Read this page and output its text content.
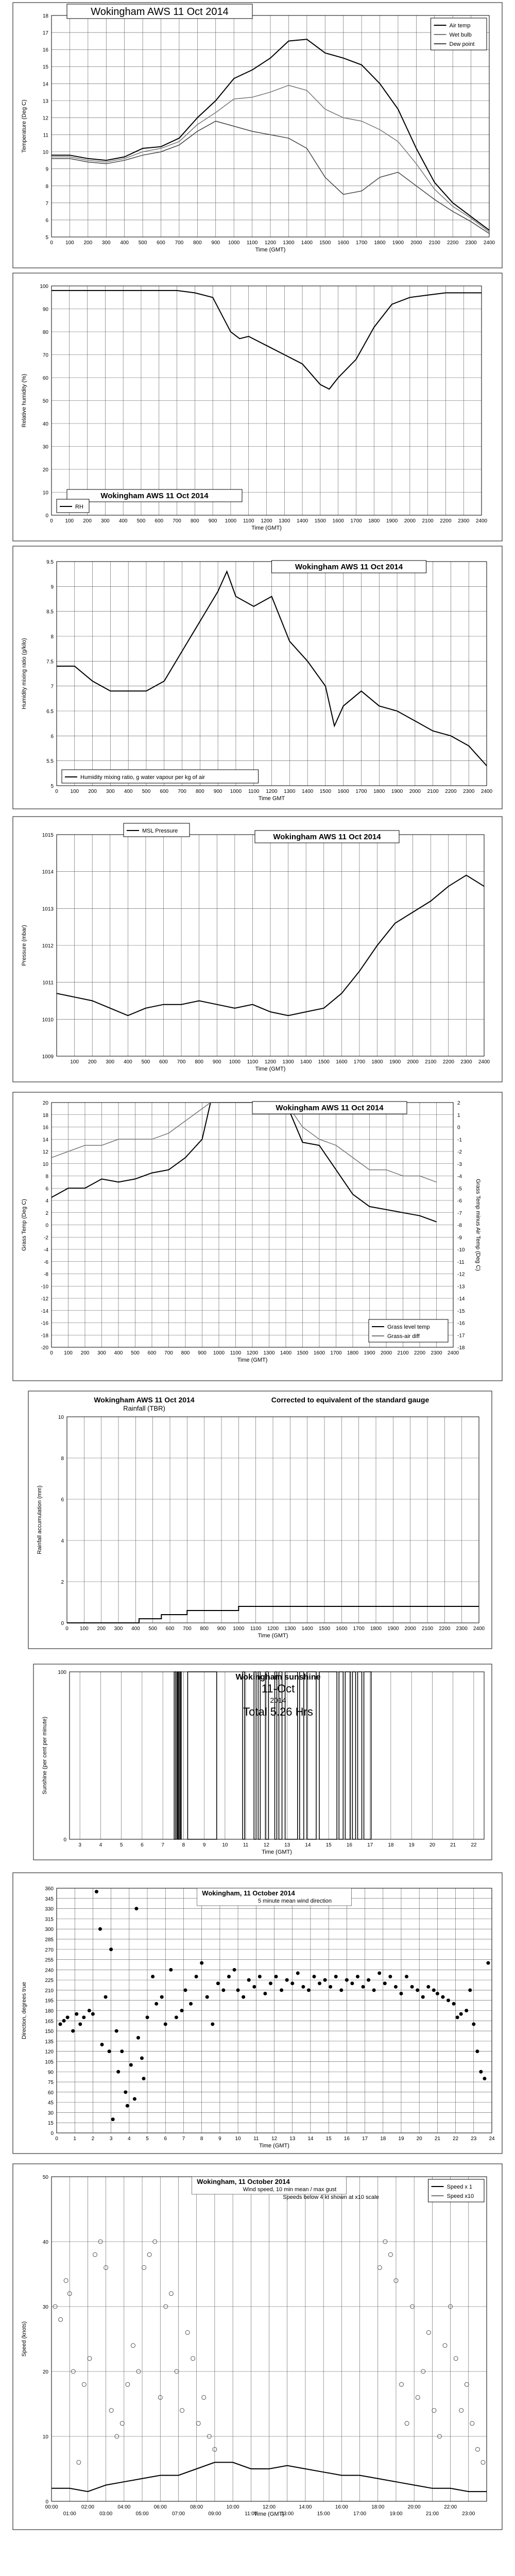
0 100 200 300 400 500 600 700 800 900 1000 1100 1200 1300 1400 1500 1600 1700 1800 1900 2000 2100 2200 2300 2400
5
6
7
8
9
10
11
12
13
14
15
16
17
18
Time (GMT)
Temperature (Deg C)
Wokingham AWS 11 Oct 2014
Air temp
Wet bulb
Dew point
0 100 200 300 400 500 600 700 800 900 1000 1100 1200 1300 1400 1500 1600 1700 1800 1900 2000 2100 2200 2300 2400
0
10
20
30
40
50
60
70
80
90
100
Time (GMT)
Relative humidity (%)
Wokingham AWS 11 Oct 2014
RH
0 100 200 300 400 500 600 700 800 900 1000 1100 1200 1300 1400 1500 1600 1700 1800 1900 2000 2100 2200 2300 2400
5
5.5
6
6.5
7
7.5
8
8.5
9
9.5
Time GMT
Humidity mixing ratio (g/kilo)
Wokingham AWS 11 Oct 2014
Humidity mixing ratio, g water vapour per kg of air
100 200 300 400 500 600 700 800 900 1000 1100 1200 1300 1400 1500 1600 1700 1800 1900 2000 2100 2200 2300 2400
1009
1010
1011
1012
1013
1014
1015
Time (GMT)
Pressure (mbar)
Wokingham AWS 11 Oct 2014
MSL Pressure
0 100 200 300 400 500 600 700 800 900 1000 1100 1200 1300 1400 1500 1600 1700 1800 1900 2000 2100 2200 2300 2400
-20
-18
-16
-14
-12
-10
-8
-6
-4
-2
0
2
4
6
8
10
12
14
16
18
20
-18
-17
-16
-15
-14
-13
-12
-11
-10
-9
-8
-7
-6
-5
-4
-3
-2
-1
0
1
2
Grass Temp minus Air Temp (Deg C)
Time (GMT)
Grass Temp (Deg C)
Wokingham AWS 11 Oct 2014
Grass level temp
Grass-air diff
0 100 200 300 400 500 600 700 800 900 1000 1100 1200 1300 1400 1500 1600 1700 1800 1900 2000 2100 2200 2300 2400
0
2
4
6
8
10
Time (GMT)
Rainfall accumulation (mm)
Wokingham AWS 11 Oct 2014
Rainfall (TBR)
Corrected to equivalent of the standard gauge
3	4	5	6	7	8	9	10	11	12	13	14	15	16	17	18	19	20	21	22
0
100
Time (GMT)
Sunshine (per cent per minute)
Wokingham sunshine
11-Oct
2014
Total 5.26 Hrs
0	1	2	3	4	5	6	7	8	9	10 11 12 13 14 15 16 17 18 19 20 21 22 23 24
0
15
30
45
60
75
90
105
120
135
150
165
180
195
210
225
240
255
270
285
300
315
330
345
360
Time (GMT)
Direction, degrees true
Wokingham, 11 October 2014
5 minute mean wind direction
0
10
20
30
40
50
Time (GMT)
Speed (knots)
00:00	02:00	04:00	06:00	08:00	10:00	12:00	14:00	16:00	18:00	20:00	22:00
01:00	03:00	05:00	07:00	09:00	11:00	13:00	15:00	17:00	19:00	21:00	23:00
Wokingham, 11 October 2014
Wind speed, 10 min mean / max gust
Speeds below 4 kt shown at x10 scale
Speed x 1
Speed x10
